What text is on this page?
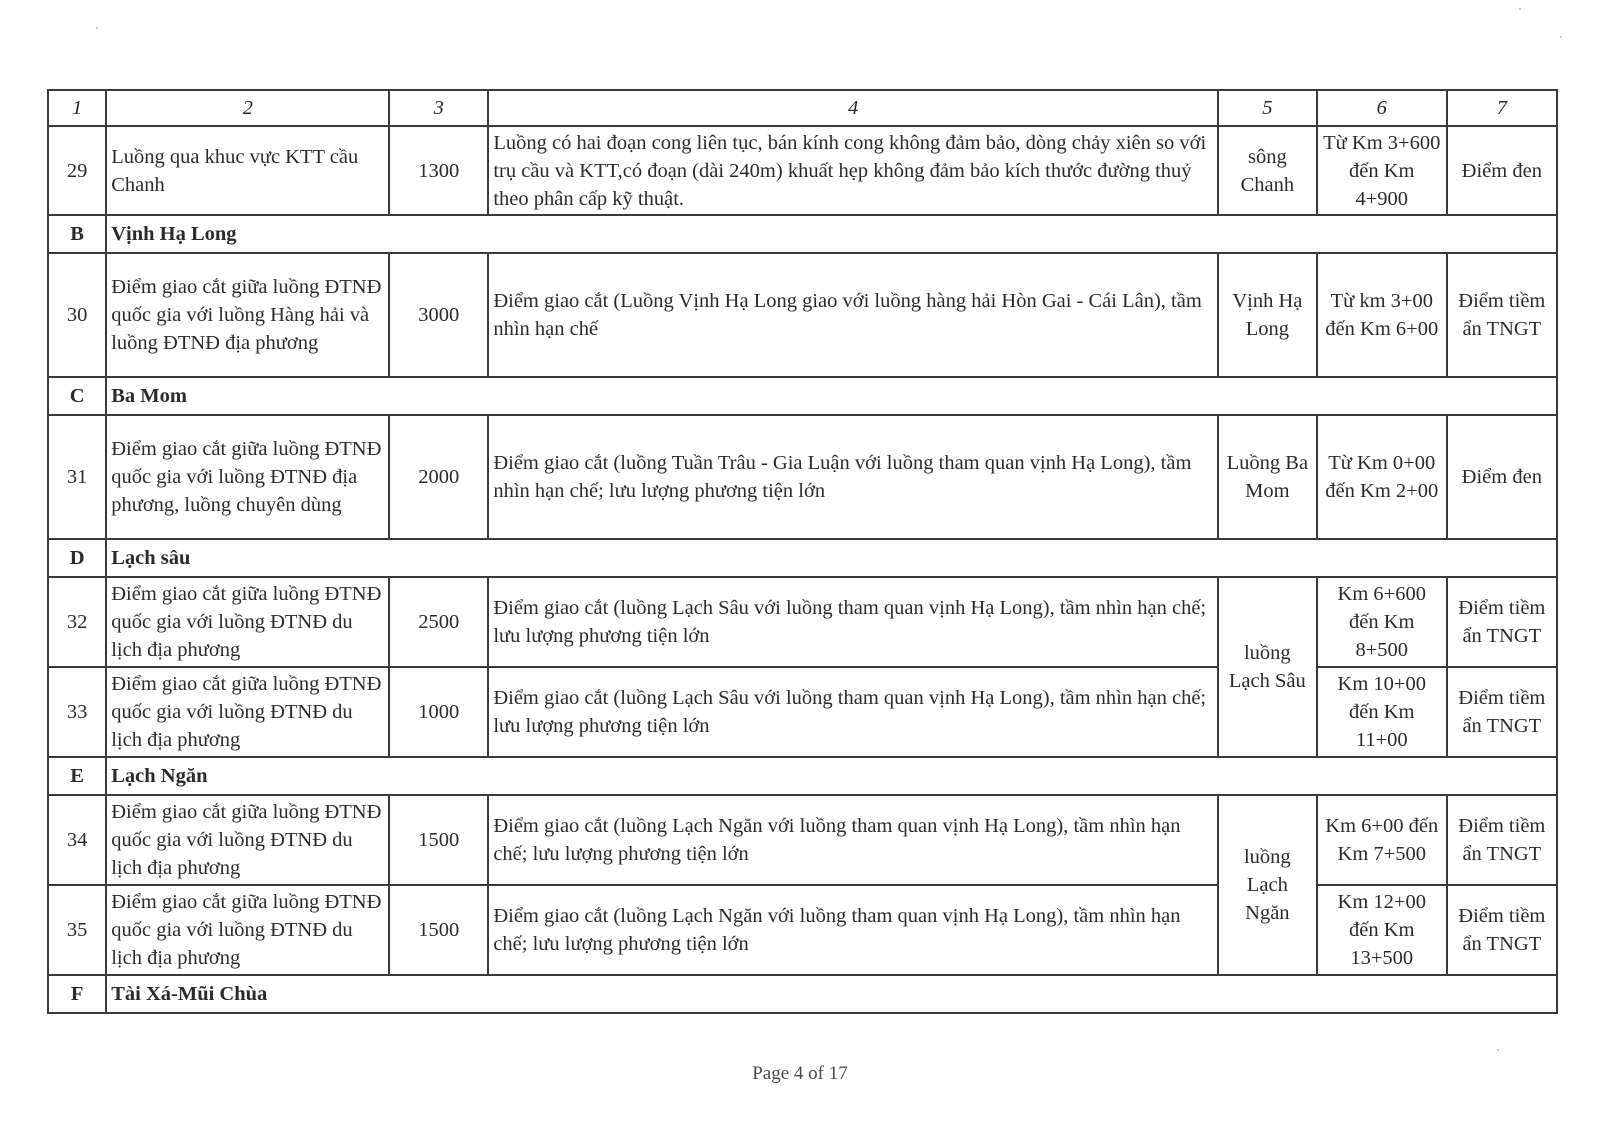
1	2	3	4	5	6	7
29	Luồng qua khuc vực KTT cầu Chanh	1300	Luồng có hai đoạn cong liên tục, bán kính cong không đảm bảo, dòng chảy xiên so với trụ cầu và KTT,có đoạn (dài 240m) khuất hẹp không đảm bảo kích thước đường thuỷ theo phân cấp kỹ thuật.	sông Chanh	Từ Km 3+600 đến Km 4+900	Điểm đen
B	Vịnh Hạ Long					
30	Điểm giao cắt giữa luồng ĐTNĐ quốc gia với luồng Hàng hải và luồng ĐTNĐ địa phương	3000	Điểm giao cắt (Luồng Vịnh Hạ Long giao với luồng hàng hải Hòn Gai - Cái Lân), tầm nhìn hạn chế	Vịnh Hạ Long	Từ km 3+00 đến Km 6+00	Điểm tiềm ẩn TNGT
C	Ba Mom					
31	Điểm giao cắt giữa luồng ĐTNĐ quốc gia với luồng ĐTNĐ địa phương, luồng chuyên dùng	2000	Điểm giao cắt (luồng Tuần Trâu - Gia Luận với luồng tham quan vịnh Hạ Long), tầm nhìn hạn chế; lưu lượng phương tiện lớn	Luồng Ba Mom	Từ Km 0+00 đến Km 2+00	Điểm đen
D	Lạch sâu					
32	Điểm giao cắt giữa luồng ĐTNĐ quốc gia với luồng ĐTNĐ du lịch địa phương	2500	Điểm giao cắt (luồng Lạch Sâu với luồng tham quan vịnh Hạ Long), tầm nhìn hạn chế; lưu lượng phương tiện lớn	luồng Lạch Sâu	Km 6+600 đến Km 8+500	Điểm tiềm ẩn TNGT
33	Điểm giao cắt giữa luồng ĐTNĐ quốc gia với luồng ĐTNĐ du lịch địa phương	1000	Điểm giao cắt (luồng Lạch Sâu với luồng tham quan vịnh Hạ Long), tầm nhìn hạn chế; lưu lượng phương tiện lớn		Km 10+00 đến Km 11+00	Điểm tiềm ẩn TNGT
E	Lạch Ngăn					
34	Điểm giao cắt giữa luồng ĐTNĐ quốc gia với luồng ĐTNĐ du lịch địa phương	1500	Điểm giao cắt (luồng Lạch Ngăn với luồng tham quan vịnh Hạ Long), tầm nhìn hạn chế; lưu lượng phương tiện lớn	luồng Lạch Ngăn	Km 6+00 đến Km 7+500	Điểm tiềm ẩn TNGT
35	Điểm giao cắt giữa luồng ĐTNĐ quốc gia với luồng ĐTNĐ du lịch địa phương	1500	Điểm giao cắt (luồng Lạch Ngăn với luồng tham quan vịnh Hạ Long), tầm nhìn hạn chế; lưu lượng phương tiện lớn		Km 12+00 đến Km 13+500	Điểm tiềm ẩn TNGT
F	Tài Xá-Mũi Chùa					
Page 4 of 17
